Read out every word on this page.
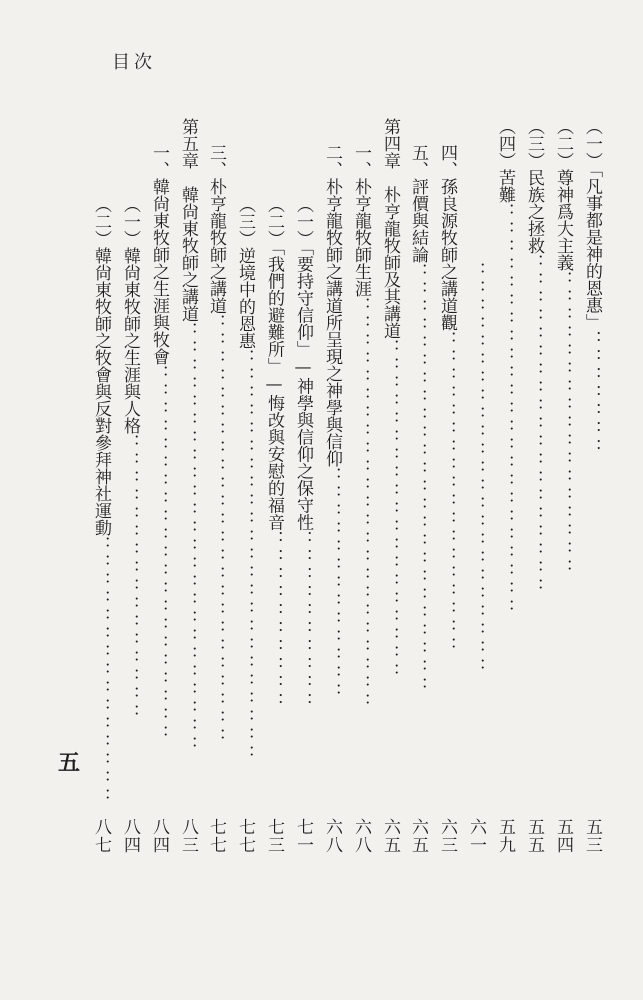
目次
（一）「凡事都是神的恩惠」：：：：：：：
（二）尊神爲大主義：：：：：：：：：：：：：：：：：
（三）民族之拯救：：：：：：：：：：：：：：：：：：：
（四）苦難：：：：：：：：：：：：：：：：：：：：：：：
：：：：：：：：：：：：：：：：：：：：：：：
四、孫良源牧師之講道觀：：：：：：：：：：：：：：：：：：
五、評價與結論：：：：：：：：：：：：：：：：：：：：：：：：
第四章　朴亨龍牧師及其講道：：：：：：：：：：：：：：：：：：：
一、朴亨龍牧師生涯：：：：：：：：：：：：：：：：：：：：：：：
二、朴亨龍牧師之講道所呈現之神學與信仰：：：：：：：：：：：：：
（一）「要持守信仰」—神學與信仰之保守性：：：：：：：：：：
（二）「我們的避難所」—悔改與安慰的福音：：：：：：：：：：
（三）逆境中的恩惠：：：：：：：：：：：：：：：：：：：：：：：
三、朴亨龍牧師之講道：：：：：：：：：：：：：：：：：：：：：：：：
第五章　韓尙東牧師之講道：：：：：：：：：：：：：：：：：：：：：：：：
一、韓尙東牧師之生涯與牧會：：：：：：：：：：：：：：：：：：：：：
（一）韓尙東牧師之生涯與人格：：：：：：：：：：：：：：：：
（二）韓尙東牧師之牧會與反對參拜神社運動：：：：：：：：：：：：：：：
五三
五四
五五
五九
六一
六三
六五
六五
六八
六八
七一
七三
七七
七七
八三
八四
八四
八七
五
